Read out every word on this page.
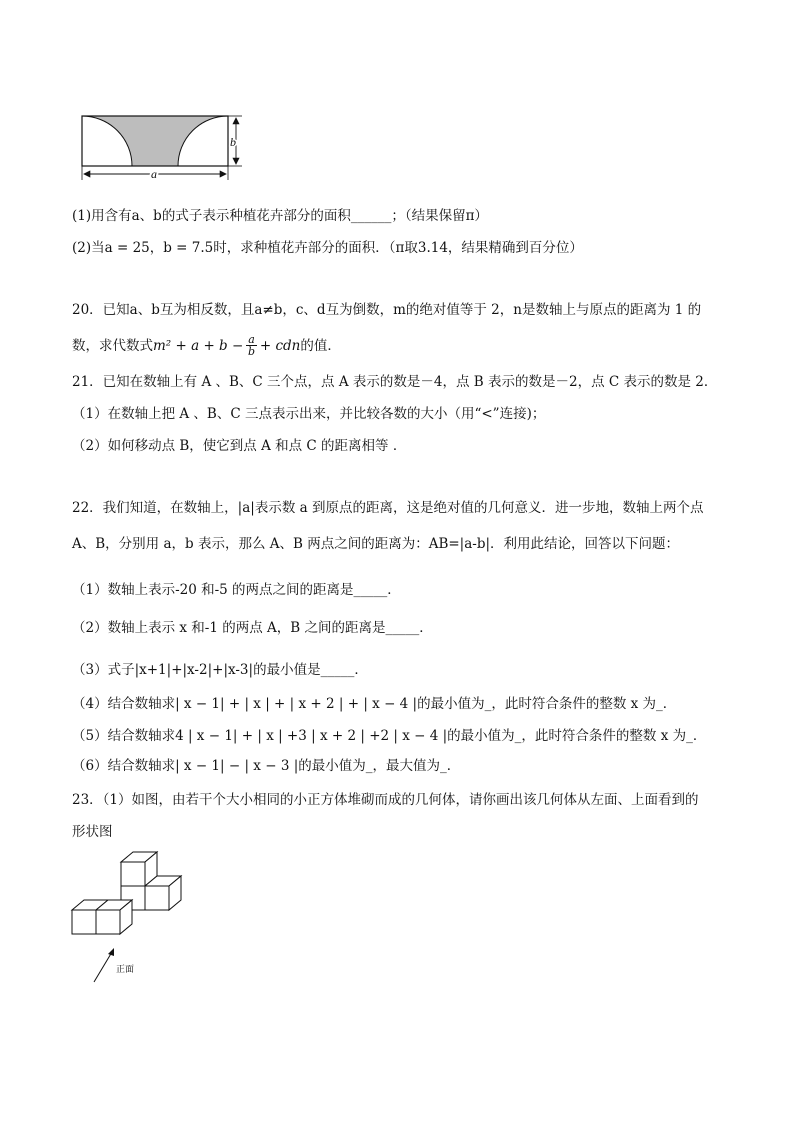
b
a
(1)用含有a、b的式子表示种植花卉部分的面积______；（结果保留π）
(2)当a = 25，b = 7.5时，求种植花卉部分的面积．（π取3.14，结果精确到百分位）
20．已知a、b互为相反数，且a≠b，c、d互为倒数，m的绝对值等于 2，n是数轴上与原点的距离为 1 的
数，求代数式 $m^2 + a + b - \frac{a}{b}$ + cdn 的值．
21．已知在数轴上有 A 、B、C 三个点，点 A 表示的数是－4，点 B 表示的数是－2，点 C 表示的数是 2．
（1）在数轴上把 A 、B、C 三点表示出来，并比较各数的大小（用“<”连接)；
（2）如何移动点 B，使它到点 A 和点 C 的距离相等 ．
22．我们知道，在数轴上，|a|表示数 a 到原点的距离，这是绝对值的几何意义．进一步地，数轴上两个点
A、B，分别用 a，b 表示，那么 A、B 两点之间的距离为：AB=|a-b|．利用此结论，回答以下问题：
（1）数轴上表示-20 和-5 的两点之间的距离是_____．
（2）数轴上表示 x 和-1 的两点 A，B 之间的距离是_____．
（3）式子|x+1|+|x-2|+|x-3|的最小值是_____．
（4）结合数轴求| x − 1| + | x | + | x + 2 | + | x − 4 |的最小值为_，此时符合条件的整数 x 为_．
（5）结合数轴求4 | x − 1| + | x | +3 | x + 2 | +2 | x − 4 |的最小值为_，此时符合条件的整数 x 为_．
（6）结合数轴求| x − 1| − | x − 3 |的最小值为_，最大值为_．
23．（1）如图，由若干个大小相同的小正方体堆砌而成的几何体，请你画出该几何体从左面、上面看到的
形状图
正面
